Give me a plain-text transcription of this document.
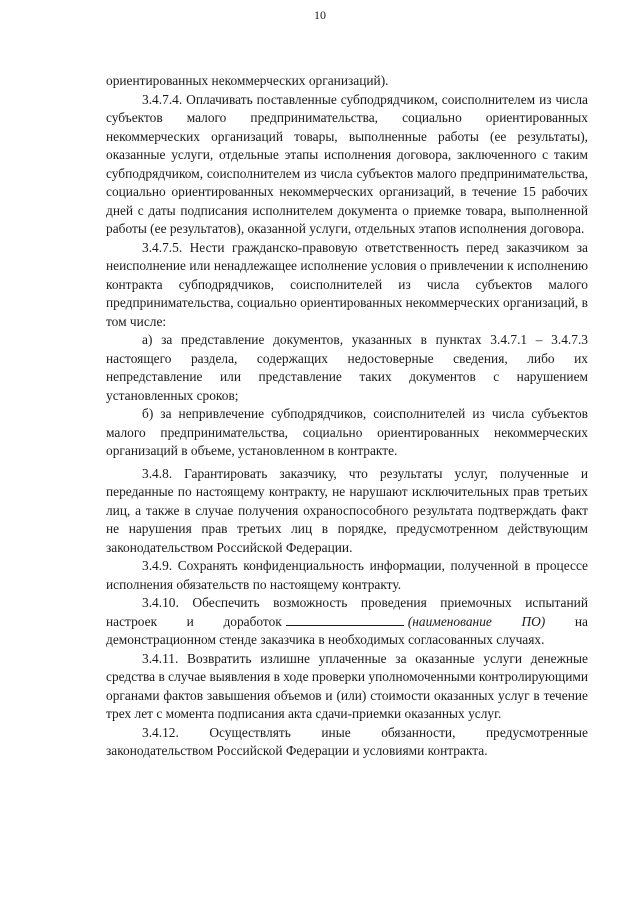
10

ориентированных некоммерческих организаций).

3.4.7.4. Оплачивать поставленные субподрядчиком, соисполнителем из числа субъектов малого предпринимательства, социально ориентированных некоммерческих организаций товары, выполненные работы (ее результаты), оказанные услуги, отдельные этапы исполнения договора, заключенного с таким субподрядчиком, соисполнителем из числа субъектов малого предпринимательства, социально ориентированных некоммерческих организаций, в течение 15 рабочих дней с даты подписания исполнителем документа о приемке товара, выполненной работы (ее результатов), оказанной услуги, отдельных этапов исполнения договора.

3.4.7.5. Нести гражданско-правовую ответственность перед заказчиком за неисполнение или ненадлежащее исполнение условия о привлечении к исполнению контракта субподрядчиков, соисполнителей из числа субъектов малого предпринимательства, социально ориентированных некоммерческих организаций, в том числе:

а) за представление документов, указанных в пунктах 3.4.7.1 – 3.4.7.3 настоящего раздела, содержащих недостоверные сведения, либо их непредставление или представление таких документов с нарушением установленных сроков;

б) за непривлечение субподрядчиков, соисполнителей из числа субъектов малого предпринимательства, социально ориентированных некоммерческих организаций в объеме, установленном в контракте.

3.4.8. Гарантировать заказчику, что результаты услуг, полученные и переданные по настоящему контракту, не нарушают исключительных прав третьих лиц, а также в случае получения охраноспособного результата подтверждать факт не нарушения прав третьих лиц в порядке, предусмотренном действующим законодательством Российской Федерации.

3.4.9. Сохранять конфиденциальность информации, полученной в процессе исполнения обязательств по настоящему контракту.

3.4.10. Обеспечить возможность проведения приемочных испытаний настроек и доработок	(наименование ПО) на демонстрационном стенде заказчика в необходимых согласованных случаях.

3.4.11. Возвратить излишне уплаченные за оказанные услуги денежные средства в случае выявления в ходе проверки уполномоченными контролирующими органами фактов завышения объемов и (или) стоимости оказанных услуг в течение трех лет с момента подписания акта сдачи-приемки оказанных услуг.

3.4.12. Осуществлять иные обязанности, предусмотренные законодательством Российской Федерации и условиями контракта.
